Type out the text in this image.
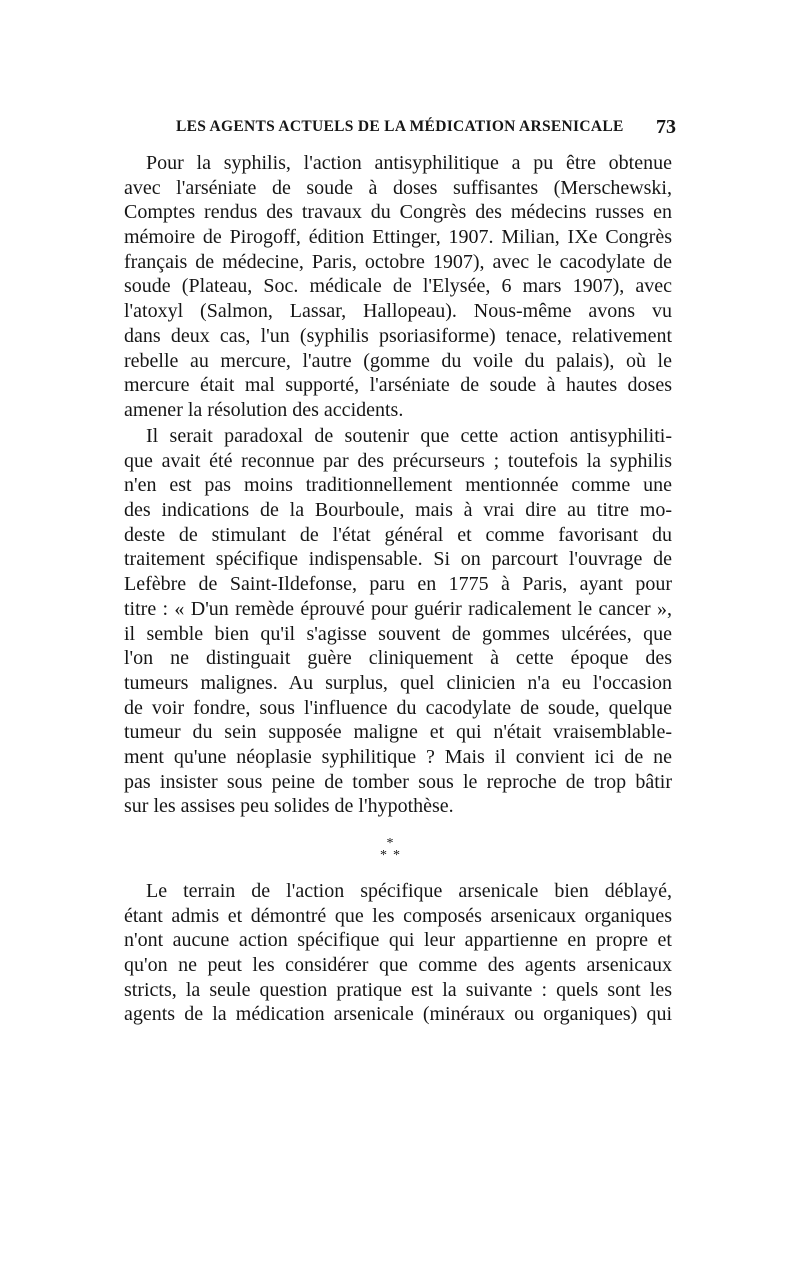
LES AGENTS ACTUELS DE LA MÉDICATION ARSENICALE 73
Pour la syphilis, l'action antisyphilitique a pu être obtenue
avec l'arséniate de soude à doses suffisantes (Merschewski,
Comptes rendus des travaux du Congrès des médecins russes en
mémoire de Pirogoff, édition Ettinger, 1907. Milian, IXe Congrès
français de médecine, Paris, octobre 1907), avec le cacodylate de
soude (Plateau, Soc. médicale de l'Elysée, 6 mars 1907), avec
l'atoxyl (Salmon, Lassar, Hallopeau). Nous-même avons vu
dans deux cas, l'un (syphilis psoriasiforme) tenace, relativement
rebelle au mercure, l'autre (gomme du voile du palais), où le
mercure était mal supporté, l'arséniate de soude à hautes doses
amener la résolution des accidents.
Il serait paradoxal de soutenir que cette action antisyphiliti-
que avait été reconnue par des précurseurs ; toutefois la syphilis
n'en est pas moins traditionnellement mentionnée comme une
des indications de la Bourboule, mais à vrai dire au titre mo-
deste de stimulant de l'état général et comme favorisant du
traitement spécifique indispensable. Si on parcourt l'ouvrage de
Lefèbre de Saint-Ildefonse, paru en 1775 à Paris, ayant pour
titre : « D'un remède éprouvé pour guérir radicalement le cancer »,
il semble bien qu'il s'agisse souvent de gommes ulcérées, que
l'on ne distinguait guère cliniquement à cette époque des
tumeurs malignes. Au surplus, quel clinicien n'a eu l'occasion
de voir fondre, sous l'influence du cacodylate de soude, quelque
tumeur du sein supposée maligne et qui n'était vraisemblable-
ment qu'une néoplasie syphilitique ? Mais il convient ici de ne
pas insister sous peine de tomber sous le reproche de trop bâtir
sur les assises peu solides de l'hypothèse.
*
**
Le terrain de l'action spécifique arsenicale bien déblayé,
étant admis et démontré que les composés arsenicaux organiques
n'ont aucune action spécifique qui leur appartienne en propre et
qu'on ne peut les considérer que comme des agents arsenicaux
stricts, la seule question pratique est la suivante : quels sont les
agents de la médication arsenicale (minéraux ou organiques) qui
